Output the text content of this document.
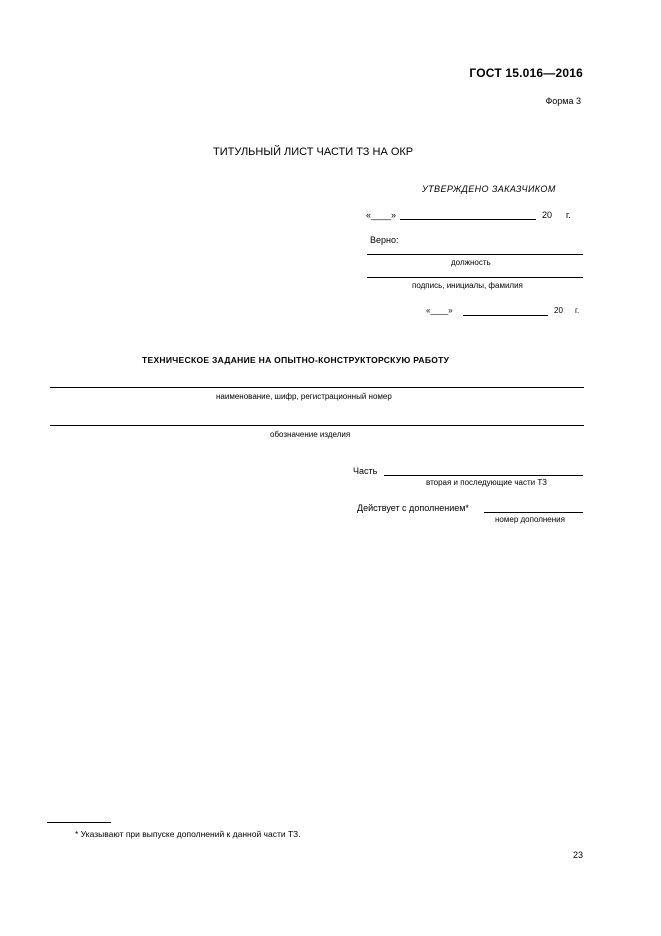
ГОСТ 15.016—2016
Форма 3
ТИТУЛЬНЫЙ ЛИСТ ЧАСТИ ТЗ НА ОКР
УТВЕРЖДЕНО ЗАКАЗЧИКОМ
«____»	20 г.
Верно:
должность
подпись, инициалы, фамилия
«____»	20 г.
ТЕХНИЧЕСКОЕ ЗАДАНИЕ НА ОПЫТНО-КОНСТРУКТОРСКУЮ РАБОТУ
наименование, шифр, регистрационный номер
обозначение изделия
Часть
вторая и последующие части ТЗ
Действует с дополнением*
номер дополнения
* Указывают при выпуске дополнений к данной части ТЗ.
23
